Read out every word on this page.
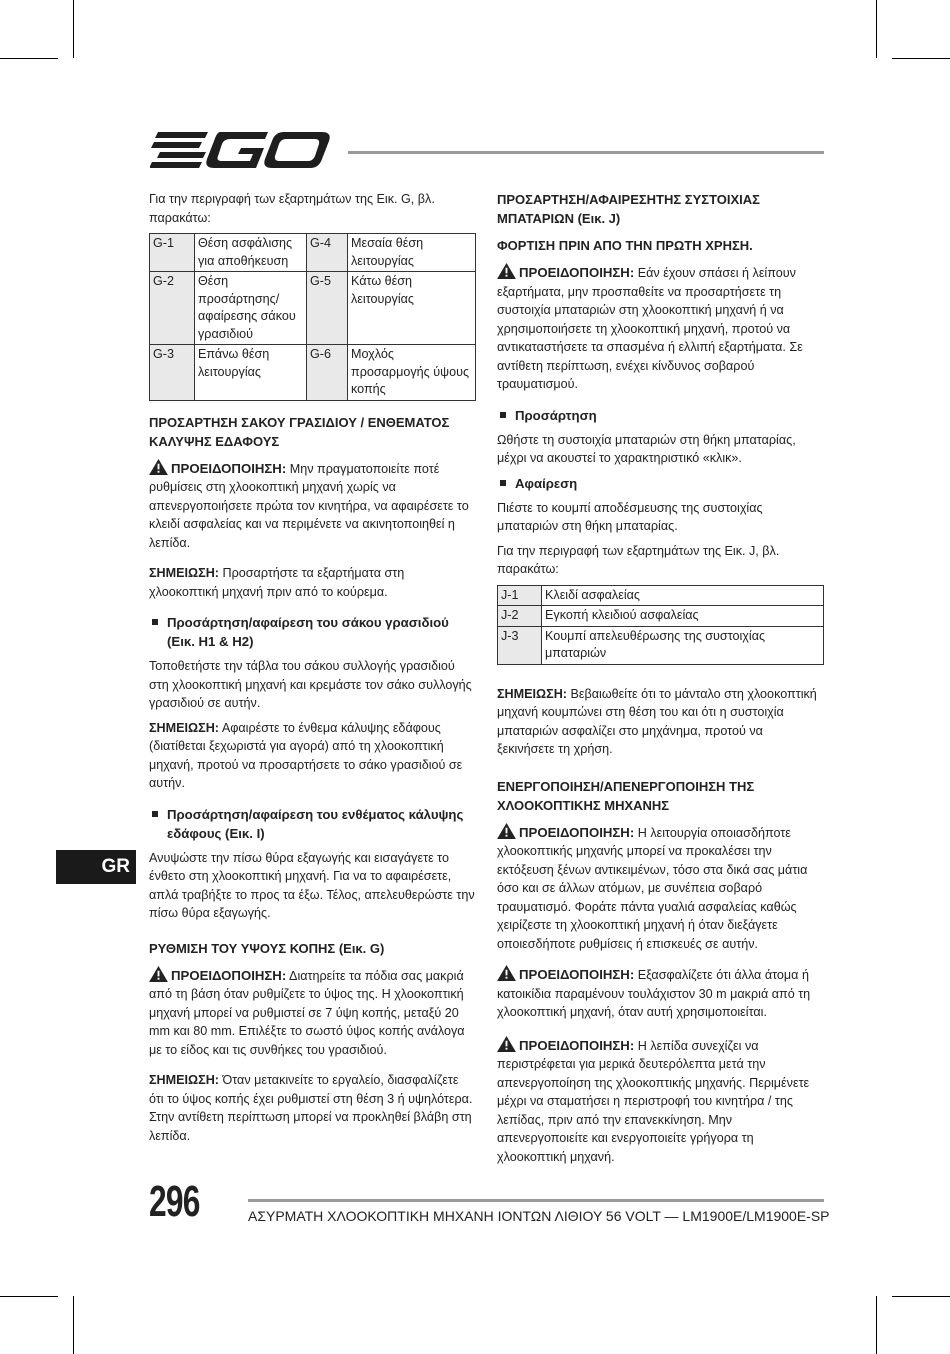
Για την περιγραφή των εξαρτημάτων της Εικ. G, βλ. παρακάτω:

G-1	Θέση ασφάλισης για αποθήκευση	G-4	Μεσαία θέση λειτουργίας
G-2	Θέση προσάρτησης/ αφαίρεσης σάκου γρασιδιού	G-5	Κάτω θέση λειτουργίας
G-3	Επάνω θέση λειτουργίας	G-6	Μοχλός προσαρμογής ύψους κοπής
ΠΡΟΣΑΡΤΗΣΗ ΣΑΚΟΥ ΓΡΑΣΙΔΙΟΥ / ΕΝΘΕΜΑΤΟΣ ΚΑΛΥΨΗΣ ΕΔΑΦΟΥΣ

ΠΡΟΕΙΔΟΠΟΙΗΣΗ: Μην πραγματοποιείτε ποτέ ρυθμίσεις στη χλοοκοπτική μηχανή χωρίς να απενεργοποιήσετε πρώτα τον κινητήρα, να αφαιρέσετε το κλειδί ασφαλείας και να περιμένετε να ακινητοποιηθεί η λεπίδα.

ΣΗΜΕΙΩΣΗ: Προσαρτήστε τα εξαρτήματα στη χλοοκοπτική μηχανή πριν από το κούρεμα.

Προσάρτηση/αφαίρεση του σάκου γρασιδιού (Εικ. H1 & H2)

Τοποθετήστε την τάβλα του σάκου συλλογής γρασιδιού στη χλοοκοπτική μηχανή και κρεμάστε τον σάκο συλλογής γρασιδιού σε αυτήν.

ΣΗΜΕΙΩΣΗ: Αφαιρέστε το ένθεμα κάλυψης εδάφους (διατίθεται ξεχωριστά για αγορά) από τη χλοοκοπτική μηχανή, προτού να προσαρτήσετε το σάκο γρασιδιού σε αυτήν.

Προσάρτηση/αφαίρεση του ενθέματος κάλυψης εδάφους (Εικ. I)

Ανυψώστε την πίσω θύρα εξαγωγής και εισαγάγετε το ένθετο στη χλοοκοπτική μηχανή. Για να το αφαιρέσετε, απλά τραβήξτε το προς τα έξω. Τέλος, απελευθερώστε την πίσω θύρα εξαγωγής.

ΡΥΘΜΙΣΗ ΤΟΥ ΥΨΟΥΣ ΚΟΠΗΣ (Εικ. G)

ΠΡΟΕΙΔΟΠΟΙΗΣΗ: Διατηρείτε τα πόδια σας μακριά από τη βάση όταν ρυθμίζετε το ύψος της. Η χλοοκοπτική μηχανή μπορεί να ρυθμιστεί σε 7 ύψη κοπής, μεταξύ 20 mm και 80 mm. Επιλέξτε το σωστό ύψος κοπής ανάλογα με το είδος και τις συνθήκες του γρασιδιού.

ΣΗΜΕΙΩΣΗ: Όταν μετακινείτε το εργαλείο, διασφαλίζετε ότι το ύψος κοπής έχει ρυθμιστεί στη θέση 3 ή υψηλότερα. Στην αντίθετη περίπτωση μπορεί να προκληθεί βλάβη στη λεπίδα.

ΠΡΟΣΑΡΤΗΣΗ/ΑΦΑΙΡΕΣΗΤΗΣ ΣΥΣΤΟΙΧΙΑΣ ΜΠΑΤΑΡΙΩΝ (Εικ. J)
ΦΟΡΤΙΣΗ ΠΡΙΝ ΑΠΟ ΤΗΝ ΠΡΩΤΗ ΧΡΗΣΗ.

ΠΡΟΕΙΔΟΠΟΙΗΣΗ: Εάν έχουν σπάσει ή λείπουν εξαρτήματα, μην προσπαθείτε να προσαρτήσετε τη συστοιχία μπαταριών στη χλοοκοπτική μηχανή ή να χρησιμοποιήσετε τη χλοοκοπτική μηχανή, προτού να αντικαταστήσετε τα σπασμένα ή ελλιπή εξαρτήματα. Σε αντίθετη περίπτωση, ενέχει κίνδυνος σοβαρού τραυματισμού.

Προσάρτηση

Ωθήστε τη συστοιχία μπαταριών στη θήκη μπαταρίας, μέχρι να ακουστεί το χαρακτηριστικό «κλικ».

Αφαίρεση

Πιέστε το κουμπί αποδέσμευσης της συστοιχίας μπαταριών στη θήκη μπαταρίας.

Για την περιγραφή των εξαρτημάτων της Εικ. J, βλ. παρακάτω:

J-1	Κλειδί ασφαλείας
J-2	Εγκοπή κλειδιού ασφαλείας
J-3	Κουμπί απελευθέρωσης της συστοιχίας μπαταριών

ΣΗΜΕΙΩΣΗ: Βεβαιωθείτε ότι το μάνταλο στη χλοοκοπτική μηχανή κουμπώνει στη θέση του και ότι η συστοιχία μπαταριών ασφαλίζει στο μηχάνημα, προτού να ξεκινήσετε τη χρήση.

ΕΝΕΡΓΟΠΟΙΗΣΗ/ΑΠΕΝΕΡΓΟΠΟΙΗΣΗ ΤΗΣ ΧΛΟΟΚΟΠΤΙΚΗΣ ΜΗΧΑΝΗΣ

ΠΡΟΕΙΔΟΠΟΙΗΣΗ: Η λειτουργία οποιασδήποτε χλοοκοπτικής μηχανής μπορεί να προκαλέσει την εκτόξευση ξένων αντικειμένων, τόσο στα δικά σας μάτια όσο και σε άλλων ατόμων, με συνέπεια σοβαρό τραυματισμό. Φοράτε πάντα γυαλιά ασφαλείας καθώς χειρίζεστε τη χλοοκοπτική μηχανή ή όταν διεξάγετε οποιεσδήποτε ρυθμίσεις ή επισκευές σε αυτήν.

ΠΡΟΕΙΔΟΠΟΙΗΣΗ: Εξασφαλίζετε ότι άλλα άτομα ή κατοικίδια παραμένουν τουλάχιστον 30 m μακριά από τη χλοοκοπτική μηχανή, όταν αυτή χρησιμοποιείται.

ΠΡΟΕΙΔΟΠΟΙΗΣΗ: Η λεπίδα συνεχίζει να περιστρέφεται για μερικά δευτερόλεπτα μετά την απενεργοποίηση της χλοοκοπτικής μηχανής. Περιμένετε μέχρι να σταματήσει η περιστροφή του κινητήρα / της λεπίδας, πριν από την επανεκκίνηση. Μην απενεργοποιείτε και ενεργοποιείτε γρήγορα τη χλοοκοπτική μηχανή.

GR
296	ΑΣΥΡΜΑΤΗ ΧΛΟΟΚΟΠΤΙΚΗ ΜΗΧΑΝΗ ΙΟΝΤΩΝ ΛΙΘΙΟΥ 56 VOLT — LM1900E/LM1900E-SP
